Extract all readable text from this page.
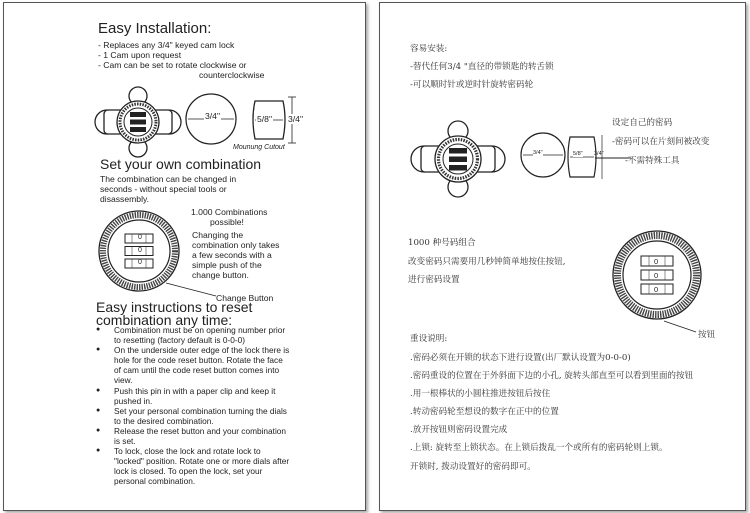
Easy Installation:
- Replaces any 3/4" keyed cam lock
- 1 Cam upon request
- Cam can be set to rotate clockwise or
counterclockwise
3/4"	5/8" 3/4"
Mounung Cutout
Set your own combination
The combination can be changed in
seconds - without special tools or
disassembly.
0
0
0
1.000 Combinations
possible!
Changing the
combination only takes
a few seconds with a
simple push of the
change button.
Change Button
Easy instructions to reset
combination any time:
● Combination must be on opening number prior to resetting (factory default is 0-0-0)
● On the underside outer edge of the lock there is hole for the code reset button. Rotate the face of cam until the code reset button comes into view.
● Push this pin in with a paper clip and keep it pushed in.
● Set your personal combination turning the dials to the desired combination.
● Release the reset button and your combination is set.
● To lock, close the lock and rotate lock to "locked" position. Rotate one or more dials after lock is closed. To open the lock, set your personal combination.
容易安装:
-替代任何3/4 "直径的带锁匙的转舌锁
-可以顺时针或逆时针旋转密码轮
3/4"	5/8" 3/4"
设定自己的密码
-密码可以在片刻间被改变
-不需特殊工具
1000 种号码组合
改变密码只需要用几秒钟简单地按住按钮,
进行密码设置
0
0
0
按钮
重设说明:
.密码必须在开锁的状态下进行设置(出厂默认设置为0-0-0)
.密码重设的位置在于外斜面下边的小孔, 旋转头部直至可以看到里面的按钮
.用一根棒状的小圆柱推进按钮后按住
.转动密码轮至想设的数字在正中的位置
.放开按钮则密码设置完成
.上锁: 旋转至上锁状态。在上锁后拨乱一个或所有的密码轮则上锁。
开锁时, 拨动设置好的密码即可。
